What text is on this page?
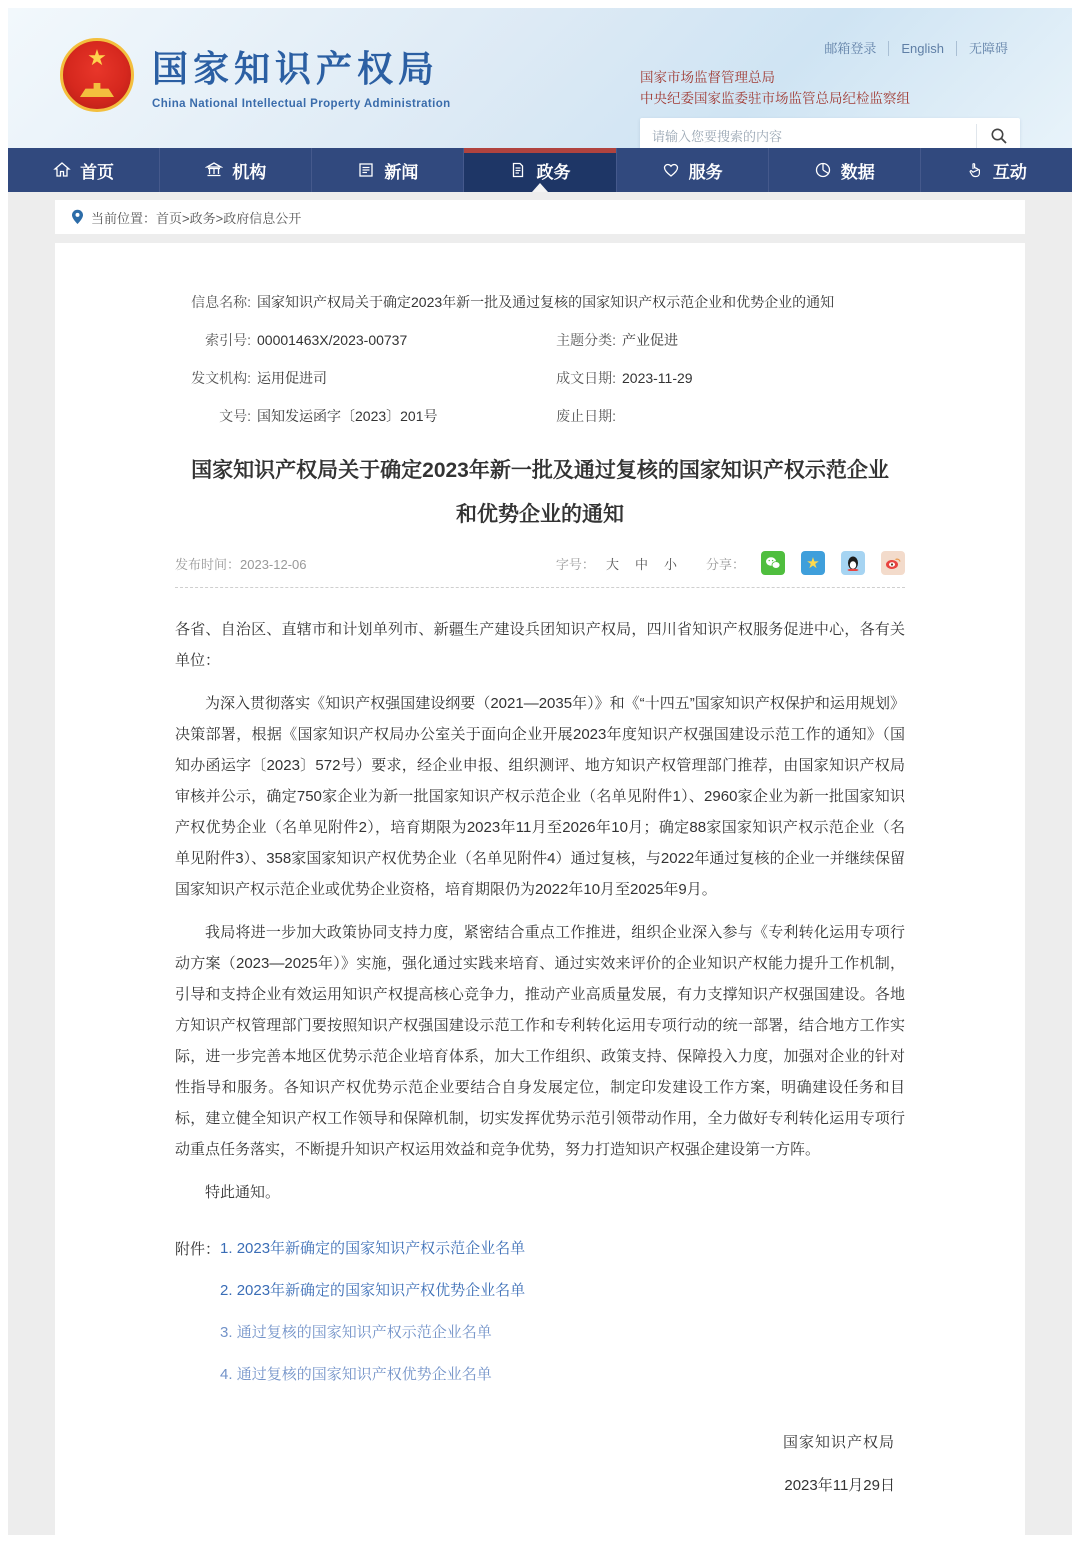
★	国家知识产权局
China National Intellectual Property Administration
邮箱登录 English 无障碍
国家市场监督管理总局
中央纪委国家监委驻市场监管总局纪检监察组
请输入您要搜索的内容
首页	机构	新闻	政务	服务	数据	互动
当前位置： 首页>政务>政府信息公开
信息名称: 国家知识产权局关于确定2023年新一批及通过复核的国家知识产权示范企业和优势企业的通知
索引号: 00001463X/2023-00737	主题分类: 产业促进
发文机构: 运用促进司	成文日期: 2023-11-29
文号: 国知发运函字〔2023〕201号	废止日期:
国家知识产权局关于确定2023年新一批及通过复核的国家知识产权示范企业
和优势企业的通知
发布时间：2023-12-06	字号： 大	中	小	分享：	★

各省、自治区、直辖市和计划单列市、新疆生产建设兵团知识产权局，四川省知识产权服务促进中心，各有关单位：

为深入贯彻落实《知识产权强国建设纲要（2021—2035年）》和《“十四五”国家知识产权保护和运用规划》决策部署，根据《国家知识产权局办公室关于面向企业开展2023年度知识产权强国建设示范工作的通知》（国知办函运字〔2023〕572号）要求，经企业申报、组织测评、地方知识产权管理部门推荐，由国家知识产权局审核并公示，确定750家企业为新一批国家知识产权示范企业（名单见附件1）、2960家企业为新一批国家知识产权优势企业（名单见附件2），培育期限为2023年11月至2026年10月；确定88家国家知识产权示范企业（名单见附件3）、358家国家知识产权优势企业（名单见附件4）通过复核，与2022年通过复核的企业一并继续保留国家知识产权示范企业或优势企业资格，培育期限仍为2022年10月至2025年9月。

我局将进一步加大政策协同支持力度，紧密结合重点工作推进，组织企业深入参与《专利转化运用专项行动方案（2023—2025年）》实施，强化通过实践来培育、通过实效来评价的企业知识产权能力提升工作机制，引导和支持企业有效运用知识产权提高核心竞争力，推动产业高质量发展，有力支撑知识产权强国建设。各地方知识产权管理部门要按照知识产权强国建设示范工作和专利转化运用专项行动的统一部署，结合地方工作实际，进一步完善本地区优势示范企业培育体系，加大工作组织、政策支持、保障投入力度，加强对企业的针对性指导和服务。各知识产权优势示范企业要结合自身发展定位，制定印发建设工作方案，明确建设任务和目标，建立健全知识产权工作领导和保障机制，切实发挥优势示范引领带动作用，全力做好专利转化运用专项行动重点任务落实，不断提升知识产权运用效益和竞争优势，努力打造知识产权强企建设第一方阵。

特此通知。

附件： 1. 2023年新确定的国家知识产权示范企业名单
2. 2023年新确定的国家知识产权优势企业名单
3. 通过复核的国家知识产权示范企业名单
4. 通过复核的国家知识产权优势企业名单
国家知识产权局
2023年11月29日
